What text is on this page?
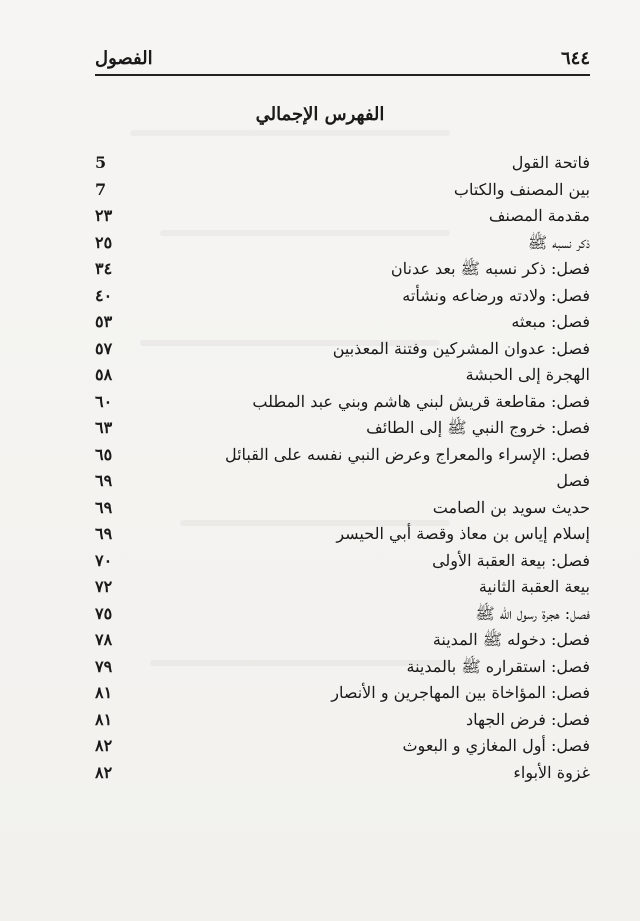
٦٤٤
الفصول
الفهرس الإجمالي
فاتحة القول
5
بين المصنف والكتاب
7
مقدمة المصنف
٢٣
ذكر نسبه ﷺ
٢٥
فصل: ذكر نسبه ﷺ بعد عدنان
٣٤
فصل: ولادته ورضاعه ونشأته
٤٠
فصل: مبعثه
٥٣
فصل: عدوان المشركين وفتنة المعذبين
٥٧
الهجرة إلى الحبشة
٥٨
فصل: مقاطعة قريش لبني هاشم وبني عبد المطلب
٦٠
فصل: خروج النبي ﷺ إلى الطائف
٦٣
فصل: الإسراء والمعراج وعرض النبي نفسه على القبائل
٦٥
فصل
٦٩
حديث سويد بن الصامت
٦٩
إسلام إياس بن معاذ وقصة أبي الحيسر
٦٩
فصل: بيعة العقبة الأولى
٧٠
بيعة العقبة الثانية
٧٢
فصل: هجرة رسول الله ﷺ
٧٥
فصل: دخوله ﷺ المدينة
٧٨
فصل: استقراره ﷺ بالمدينة
٧٩
فصل: المؤاخاة بين المهاجرين و الأنصار
٨١
فصل: فرض الجهاد
٨١
فصل: أول المغازي و البعوث
٨٢
غزوة الأبواء
٨٢
